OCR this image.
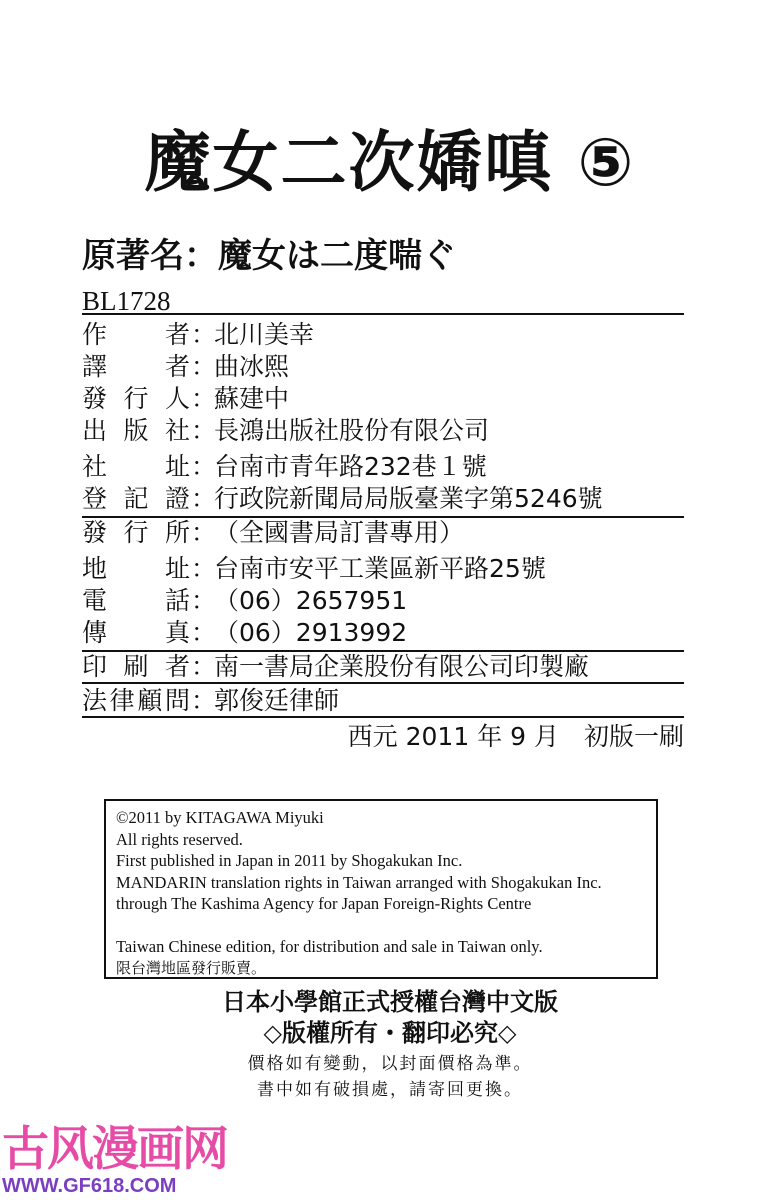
魔女二次嬌嗔 ⑤
原著名：魔女は二度喘ぐ
BL1728
作 者 ：
北川美幸
譯 者 ：
曲冰熙
發 行 人 ：
蘇建中
出 版 社 ：
長鴻出版社股份有限公司
社 址 ：
台南市青年路232巷１號
登 記 證 ：
行政院新聞局局版臺業字第5246號
發 行 所 ：
（全國書局訂書專用）
地 址 ：
台南市安平工業區新平路25號
電 話 ：
（06）2657951
傳 真 ：
（06）2913992
印 刷 者 ：
南一書局企業股份有限公司印製廠
法 律 顧 問 ：
郭俊廷律師
西元 2011 年 9 月　初版一刷
©2011 by KITAGAWA Miyuki
All rights reserved.
First published in Japan in 2011 by Shogakukan Inc.
MANDARIN translation rights in Taiwan arranged with Shogakukan Inc.
through The Kashima Agency for Japan Foreign-Rights Centre
Taiwan Chinese edition, for distribution and sale in Taiwan only.
限台灣地區發行販賣。
日本小學館正式授權台灣中文版
◇版權所有・翻印必究◇
價格如有變動，以封面價格為準。
書中如有破損處，請寄回更換。
古风漫画网
WWW.GF618.COM
